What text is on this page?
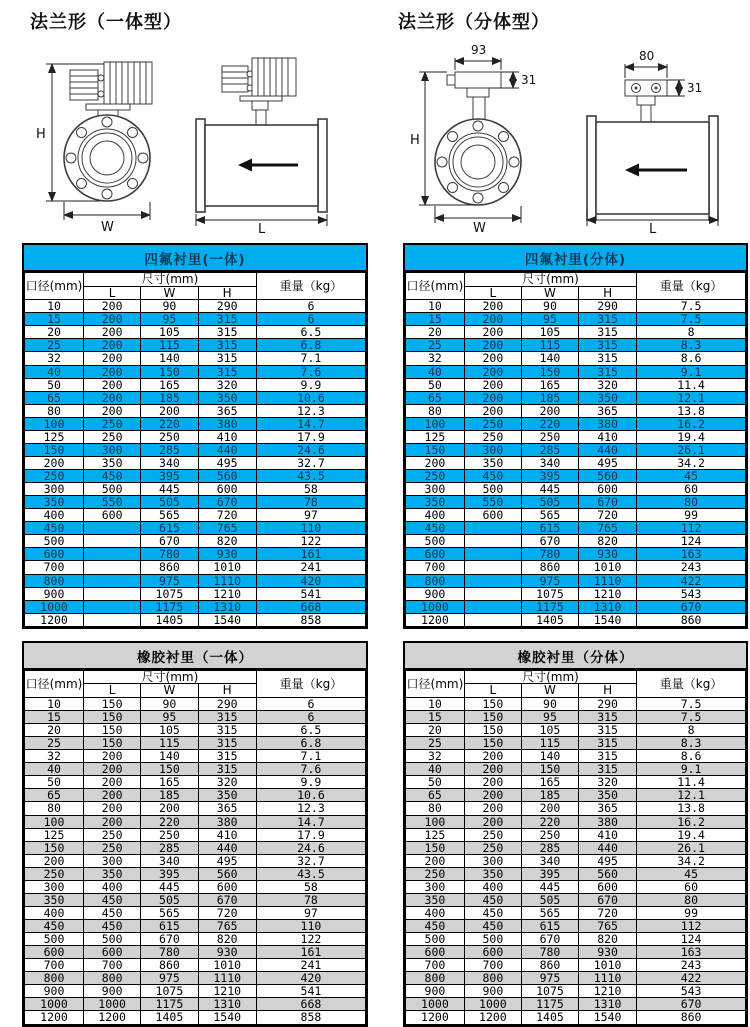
法兰形（一体型）
H
W	L
法兰形（分体型）
93
31
H
W
80
31
L
四氟衬里(一体)
口径(mm)	尺寸(mm)			重量（kg）
	L	W	H	
10	200	90	290	6
15	200	95	315	6
20	200	105	315	6.5
25	200	115	315	6.8
32	200	140	315	7.1
40	200	150	315	7.6
50	200	165	320	9.9
65	200	185	350	10.6
80	200	200	365	12.3
100	250	220	380	14.7
125	250	250	410	17.9
150	300	285	440	24.6
200	350	340	495	32.7
250	450	395	560	43.5
300	500	445	600	58
350	550	505	670	78
400	600	565	720	97
450		615	765	110
500		670	820	122
600		780	930	161
700		860	1010	241
800		975	1110	420
900		1075	1210	541
1000		1175	1310	668
1200		1405	1540	858
四氟衬里(分体)
口径(mm)	尺寸(mm)			重量（kg）
	L	W	H	
10	200	90	290	7.5
15	200	95	315	7.5
20	200	105	315	8
25	200	115	315	8.3
32	200	140	315	8.6
40	200	150	315	9.1
50	200	165	320	11.4
65	200	185	350	12.1
80	200	200	365	13.8
100	250	220	380	16.2
125	250	250	410	19.4
150	300	285	440	26.1
200	350	340	495	34.2
250	450	395	560	45
300	500	445	600	60
350	550	505	670	80
400	600	565	720	99
450		615	765	112
500		670	820	124
600		780	930	163
700		860	1010	243
800		975	1110	422
900		1075	1210	543
1000		1175	1310	670
1200		1405	1540	860
橡胶衬里（一体）
口径(mm)	尺寸(mm)			重量（kg）
	L	W	H	
10	150	90	290	6
15	150	95	315	6
20	150	105	315	6.5
25	150	115	315	6.8
32	200	140	315	7.1
40	200	150	315	7.6
50	200	165	320	9.9
65	200	185	350	10.6
80	200	200	365	12.3
100	200	220	380	14.7
125	250	250	410	17.9
150	250	285	440	24.6
200	300	340	495	32.7
250	350	395	560	43.5
300	400	445	600	58
350	450	505	670	78
400	450	565	720	97
450	450	615	765	110
500	500	670	820	122
600	600	780	930	161
700	700	860	1010	241
800	800	975	1110	420
900	900	1075	1210	541
1000	1000	1175	1310	668
1200	1200	1405	1540	858
橡胶衬里（分体）
口径(mm)	尺寸(mm)			重量（kg）
	L	W	H	
10	150	90	290	7.5
15	150	95	315	7.5
20	150	105	315	8
25	150	115	315	8.3
32	200	140	315	8.6
40	200	150	315	9.1
50	200	165	320	11.4
65	200	185	350	12.1
80	200	200	365	13.8
100	200	220	380	16.2
125	250	250	410	19.4
150	250	285	440	26.1
200	300	340	495	34.2
250	350	395	560	45
300	400	445	600	60
350	450	505	670	80
400	450	565	720	99
450	450	615	765	112
500	500	670	820	124
600	600	780	930	163
700	700	860	1010	243
800	800	975	1110	422
900	900	1075	1210	543
1000	1000	1175	1310	670
1200	1200	1405	1540	860
